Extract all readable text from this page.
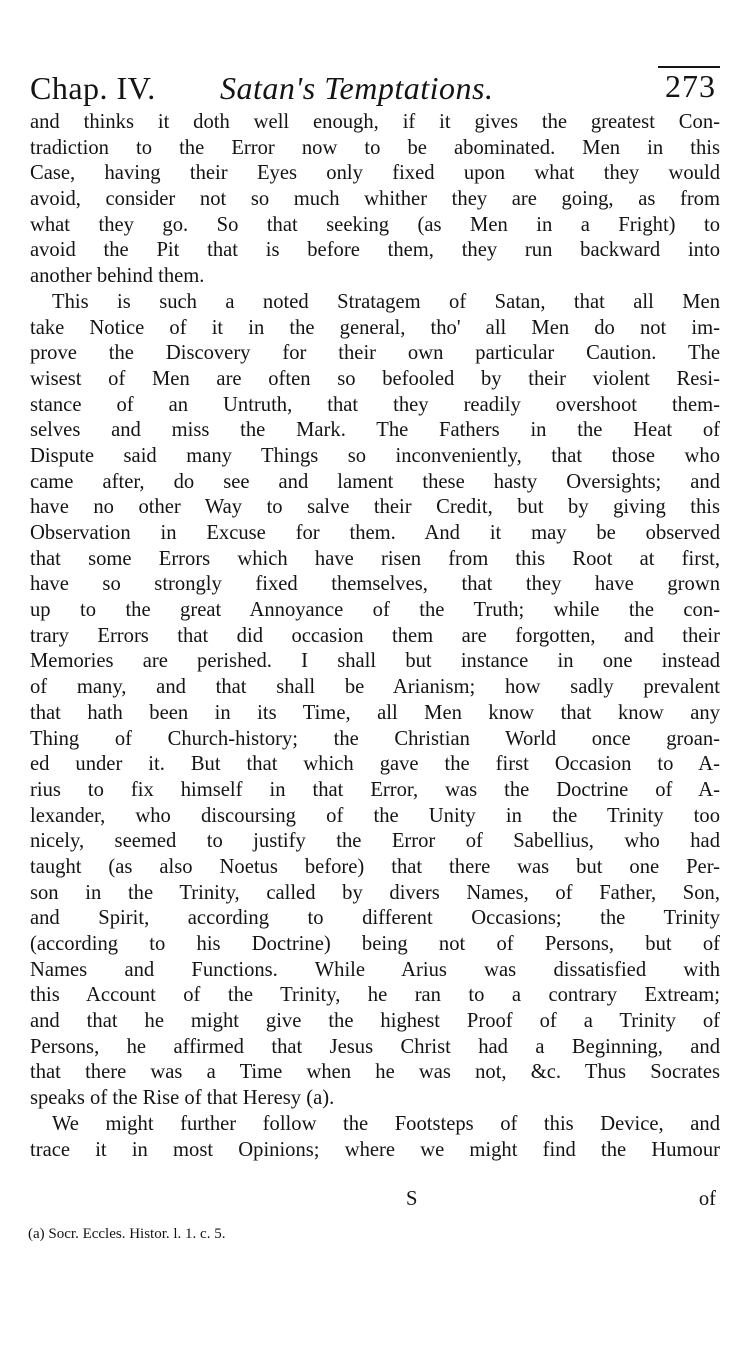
Chap. IV. Satan's Temptations.	273
and thinks it doth well enough, if it gives the greatest Con-
tradiction to the Error now to be abominated. Men in this
Case, having their Eyes only fixed upon what they would
avoid, consider not so much whither they are going, as from
what they go. So that seeking (as Men in a Fright) to
avoid the Pit that is before them, they run backward into
another behind them.
This is such a noted Stratagem of Satan, that all Men
take Notice of it in the general, tho' all Men do not im-
prove the Discovery for their own particular Caution. The
wisest of Men are often so befooled by their violent Resi-
stance of an Untruth, that they readily overshoot them-
selves and miss the Mark. The Fathers in the Heat of
Dispute said many Things so inconveniently, that those who
came after, do see and lament these hasty Oversights; and
have no other Way to salve their Credit, but by giving this
Observation in Excuse for them. And it may be observed
that some Errors which have risen from this Root at first,
have so strongly fixed themselves, that they have grown
up to the great Annoyance of the Truth; while the con-
trary Errors that did occasion them are forgotten, and their
Memories are perished. I shall but instance in one instead
of many, and that shall be Arianism; how sadly prevalent
that hath been in its Time, all Men know that know any
Thing of Church-history; the Christian World once groan-
ed under it. But that which gave the first Occasion to A-
rius to fix himself in that Error, was the Doctrine of A-
lexander, who discoursing of the Unity in the Trinity too
nicely, seemed to justify the Error of Sabellius, who had
taught (as also Noetus before) that there was but one Per-
son in the Trinity, called by divers Names, of Father, Son,
and Spirit, according to different Occasions; the Trinity
(according to his Doctrine) being not of Persons, but of
Names and Functions. While Arius was dissatisfied with
this Account of the Trinity, he ran to a contrary Extream;
and that he might give the highest Proof of a Trinity of
Persons, he affirmed that Jesus Christ had a Beginning, and
that there was a Time when he was not, &c. Thus Socrates
speaks of the Rise of that Heresy (a).
We might further follow the Footsteps of this Device, and
trace it in most Opinions; where we might find the Humour
S	of
(a) Socr. Eccles. Histor. l. 1. c. 5.
